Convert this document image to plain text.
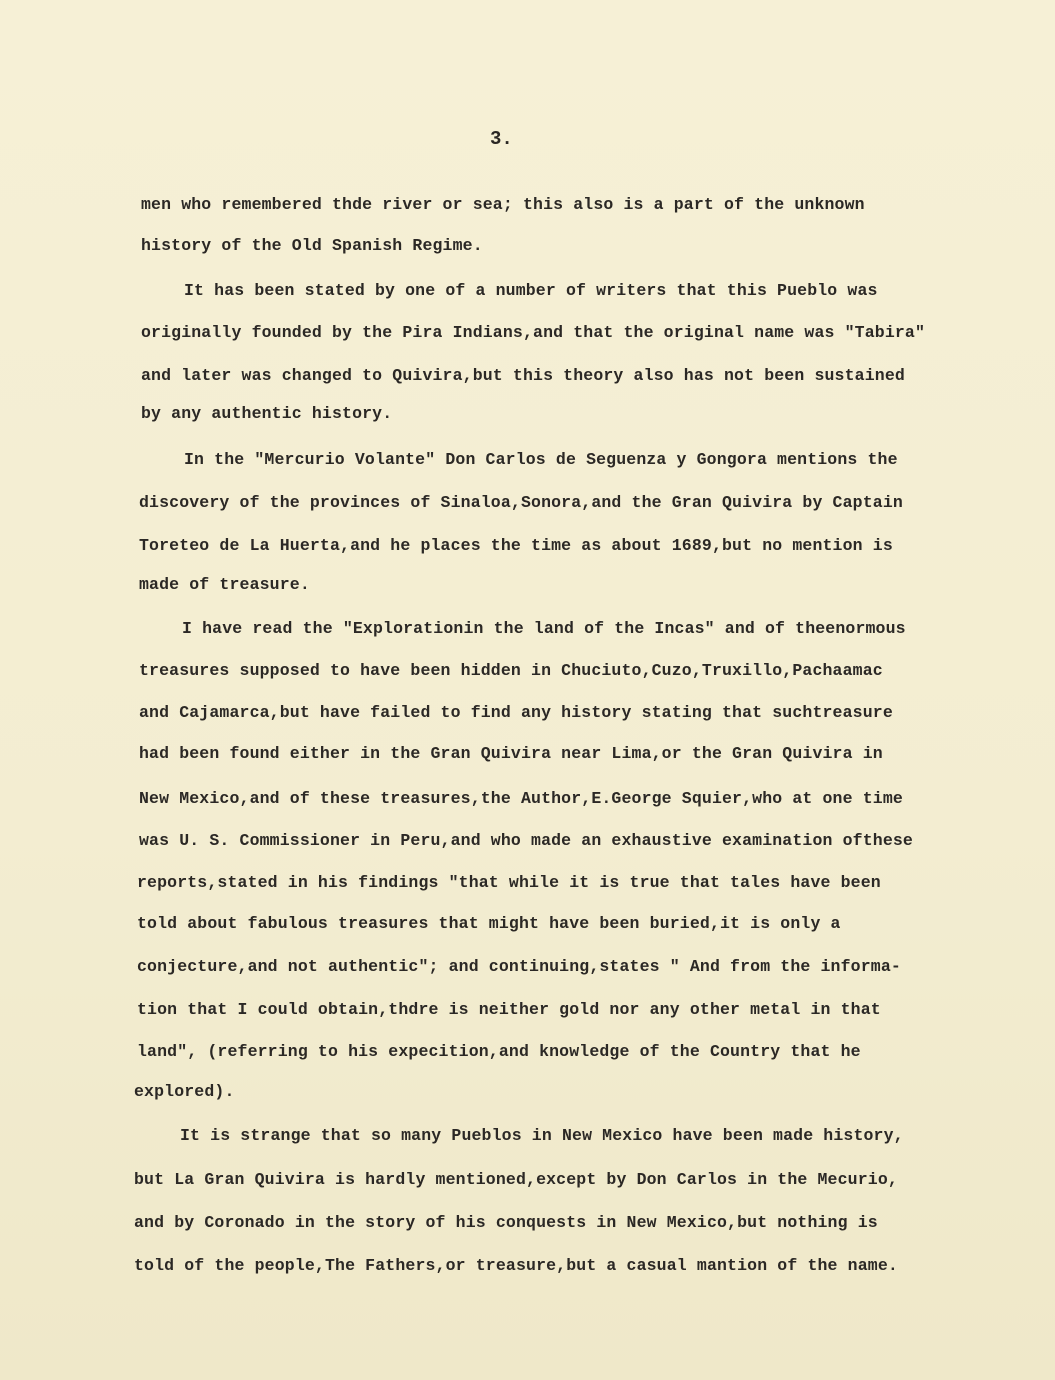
3.
men who remembered thde river or sea; this also is a part of the unknown
history of the Old Spanish Regime.
It has been stated by one of a number of writers that this Pueblo was
originally founded by the Pira Indians,and that the original name was "Tabira"
and later was changed to Quivira,but this theory also has not been sustained
by any authentic history.
In the "Mercurio Volante" Don Carlos de Seguenza y Gongora mentions the
discovery of the provinces of Sinaloa,Sonora,and the Gran Quivira by Captain
Toreteo de La Huerta,and he places the time as about 1689,but no mention is
made of treasure.
I have read the "Explorationin the land of the Incas" and of theenormous
treasures supposed to have been hidden in Chuciuto,Cuzo,Truxillo,Pachaamac
and Cajamarca,but have failed to find any history stating that suchtreasure
had been found either in the Gran Quivira near Lima,or the Gran Quivira in
New Mexico,and of these treasures,the Author,E.George Squier,who at one time
was U. S. Commissioner in Peru,and who made an exhaustive examination ofthese
reports,stated in his findings "that while it is true that tales have been
told about fabulous treasures that might have been buried,it is only a
conjecture,and not authentic"; and continuing,states " And from the informa-
tion that I could obtain,thdre is neither gold nor any other metal in that
land", (referring to his expecition,and knowledge of the Country that he
explored).
It is strange that so many Pueblos in New Mexico have been made history,
but La Gran Quivira is hardly mentioned,except by Don Carlos in the Mecurio,
and by Coronado in the story of his conquests in New Mexico,but nothing is
told of the people,The Fathers,or treasure,but a casual mantion of the name.
